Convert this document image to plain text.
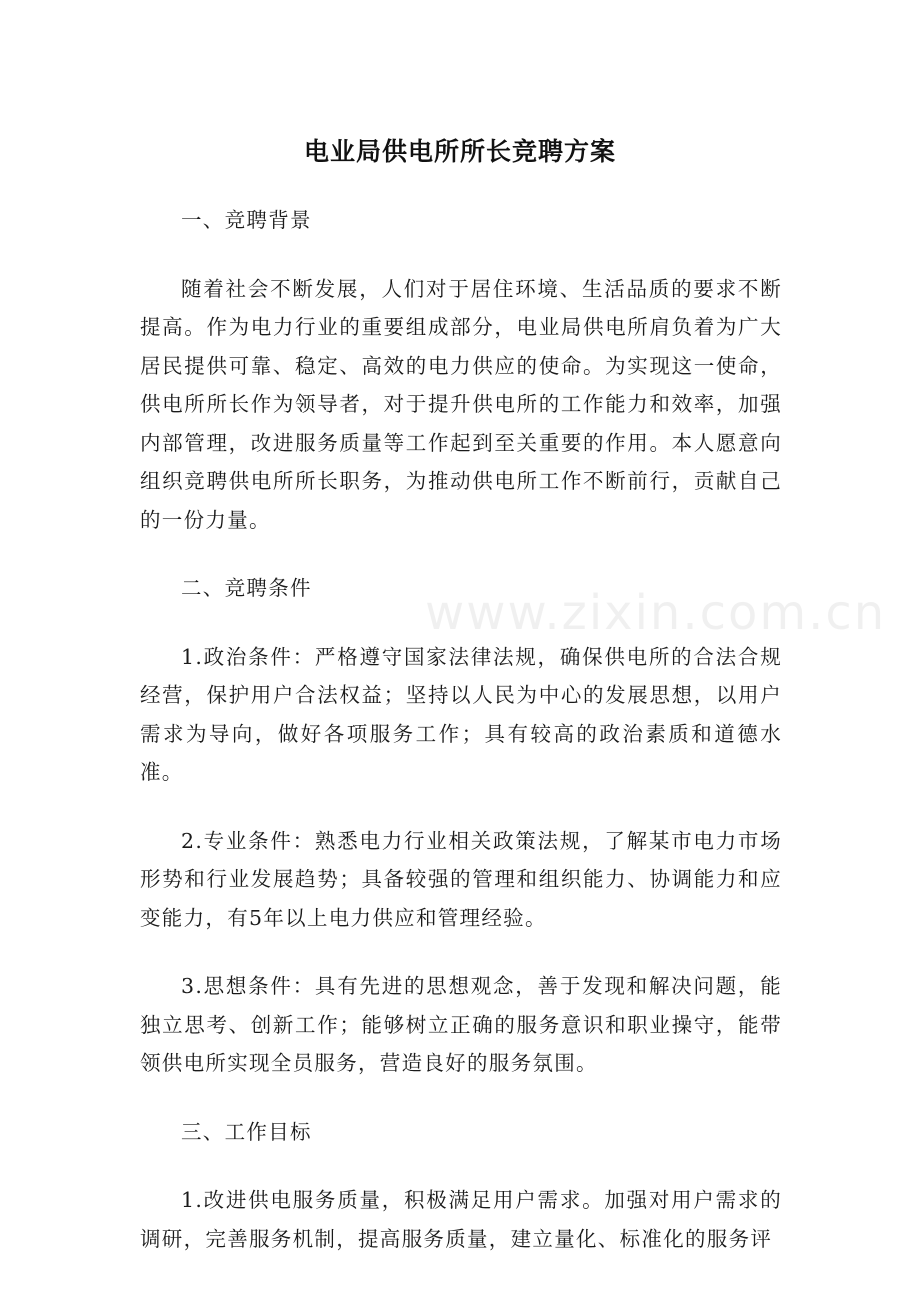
www.zixin.com.cn
电业局供电所所长竞聘方案

一、竞聘背景

随着社会不断发展，人们对于居住环境、生活品质的要求不断提高。作为电力行业的重要组成部分，电业局供电所肩负着为广大居民提供可靠、稳定、高效的电力供应的使命。为实现这一使命，供电所所长作为领导者，对于提升供电所的工作能力和效率，加强内部管理，改进服务质量等工作起到至关重要的作用。本人愿意向组织竞聘供电所所长职务，为推动供电所工作不断前行，贡献自己的一份力量。

二、竞聘条件

1.政治条件：严格遵守国家法律法规，确保供电所的合法合规经营，保护用户合法权益；坚持以人民为中心的发展思想，以用户需求为导向，做好各项服务工作；具有较高的政治素质和道德水准。

2.专业条件：熟悉电力行业相关政策法规，了解某市电力市场形势和行业发展趋势；具备较强的管理和组织能力、协调能力和应变能力，有5年以上电力供应和管理经验。

3.思想条件：具有先进的思想观念，善于发现和解决问题，能独立思考、创新工作；能够树立正确的服务意识和职业操守，能带领供电所实现全员服务，营造良好的服务氛围。

三、工作目标

1.改进供电服务质量，积极满足用户需求。加强对用户需求的调研，完善服务机制，提高服务质量，建立量化、标准化的服务评
